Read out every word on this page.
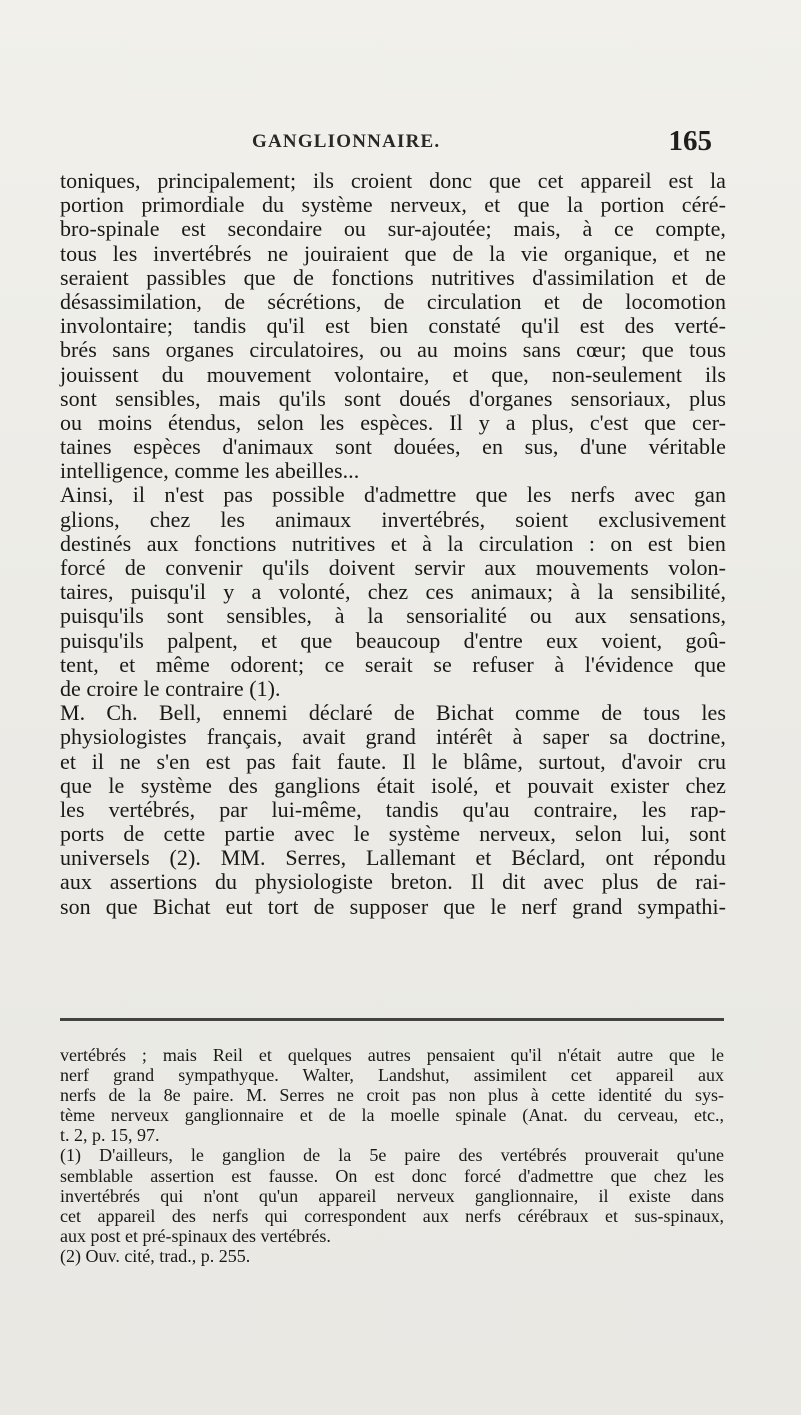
GANGLIONNAIRE.	165
toniques, principalement; ils croient donc que cet appareil est la
portion primordiale du système nerveux, et que la portion céré-
bro-spinale est secondaire ou sur-ajoutée; mais, à ce compte,
tous les invertébrés ne jouiraient que de la vie organique, et ne
seraient passibles que de fonctions nutritives d'assimilation et de
désassimilation, de sécrétions, de circulation et de locomotion
involontaire; tandis qu'il est bien constaté qu'il est des verté-
brés sans organes circulatoires, ou au moins sans cœur; que tous
jouissent du mouvement volontaire, et que, non-seulement ils
sont sensibles, mais qu'ils sont doués d'organes sensoriaux, plus
ou moins étendus, selon les espèces. Il y a plus, c'est que cer-
taines espèces d'animaux sont douées, en sus, d'une véritable
intelligence, comme les abeilles...
Ainsi, il n'est pas possible d'admettre que les nerfs avec gan
glions, chez les animaux invertébrés, soient exclusivement
destinés aux fonctions nutritives et à la circulation : on est bien
forcé de convenir qu'ils doivent servir aux mouvements volon-
taires, puisqu'il y a volonté, chez ces animaux; à la sensibilité,
puisqu'ils sont sensibles, à la sensorialité ou aux sensations,
puisqu'ils palpent, et que beaucoup d'entre eux voient, goû-
tent, et même odorent; ce serait se refuser à l'évidence que
de croire le contraire (1).
M. Ch. Bell, ennemi déclaré de Bichat comme de tous les
physiologistes français, avait grand intérêt à saper sa doctrine,
et il ne s'en est pas fait faute. Il le blâme, surtout, d'avoir cru
que le système des ganglions était isolé, et pouvait exister chez
les vertébrés, par lui-même, tandis qu'au contraire, les rap-
ports de cette partie avec le système nerveux, selon lui, sont
universels (2). MM. Serres, Lallemant et Béclard, ont répondu
aux assertions du physiologiste breton. Il dit avec plus de rai-
son que Bichat eut tort de supposer que le nerf grand sympathi-
vertébrés ; mais Reil et quelques autres pensaient qu'il n'était autre que le
nerf grand sympathyque. Walter, Landshut, assimilent cet appareil aux
nerfs de la 8e paire. M. Serres ne croit pas non plus à cette identité du sys-
tème nerveux ganglionnaire et de la moelle spinale (Anat. du cerveau, etc.,
t. 2, p. 15, 97.
(1) D'ailleurs, le ganglion de la 5e paire des vertébrés prouverait qu'une
semblable assertion est fausse. On est donc forcé d'admettre que chez les
invertébrés qui n'ont qu'un appareil nerveux ganglionnaire, il existe dans
cet appareil des nerfs qui correspondent aux nerfs cérébraux et sus-spinaux,
aux post et pré-spinaux des vertébrés.
(2) Ouv. cité, trad., p. 255.
